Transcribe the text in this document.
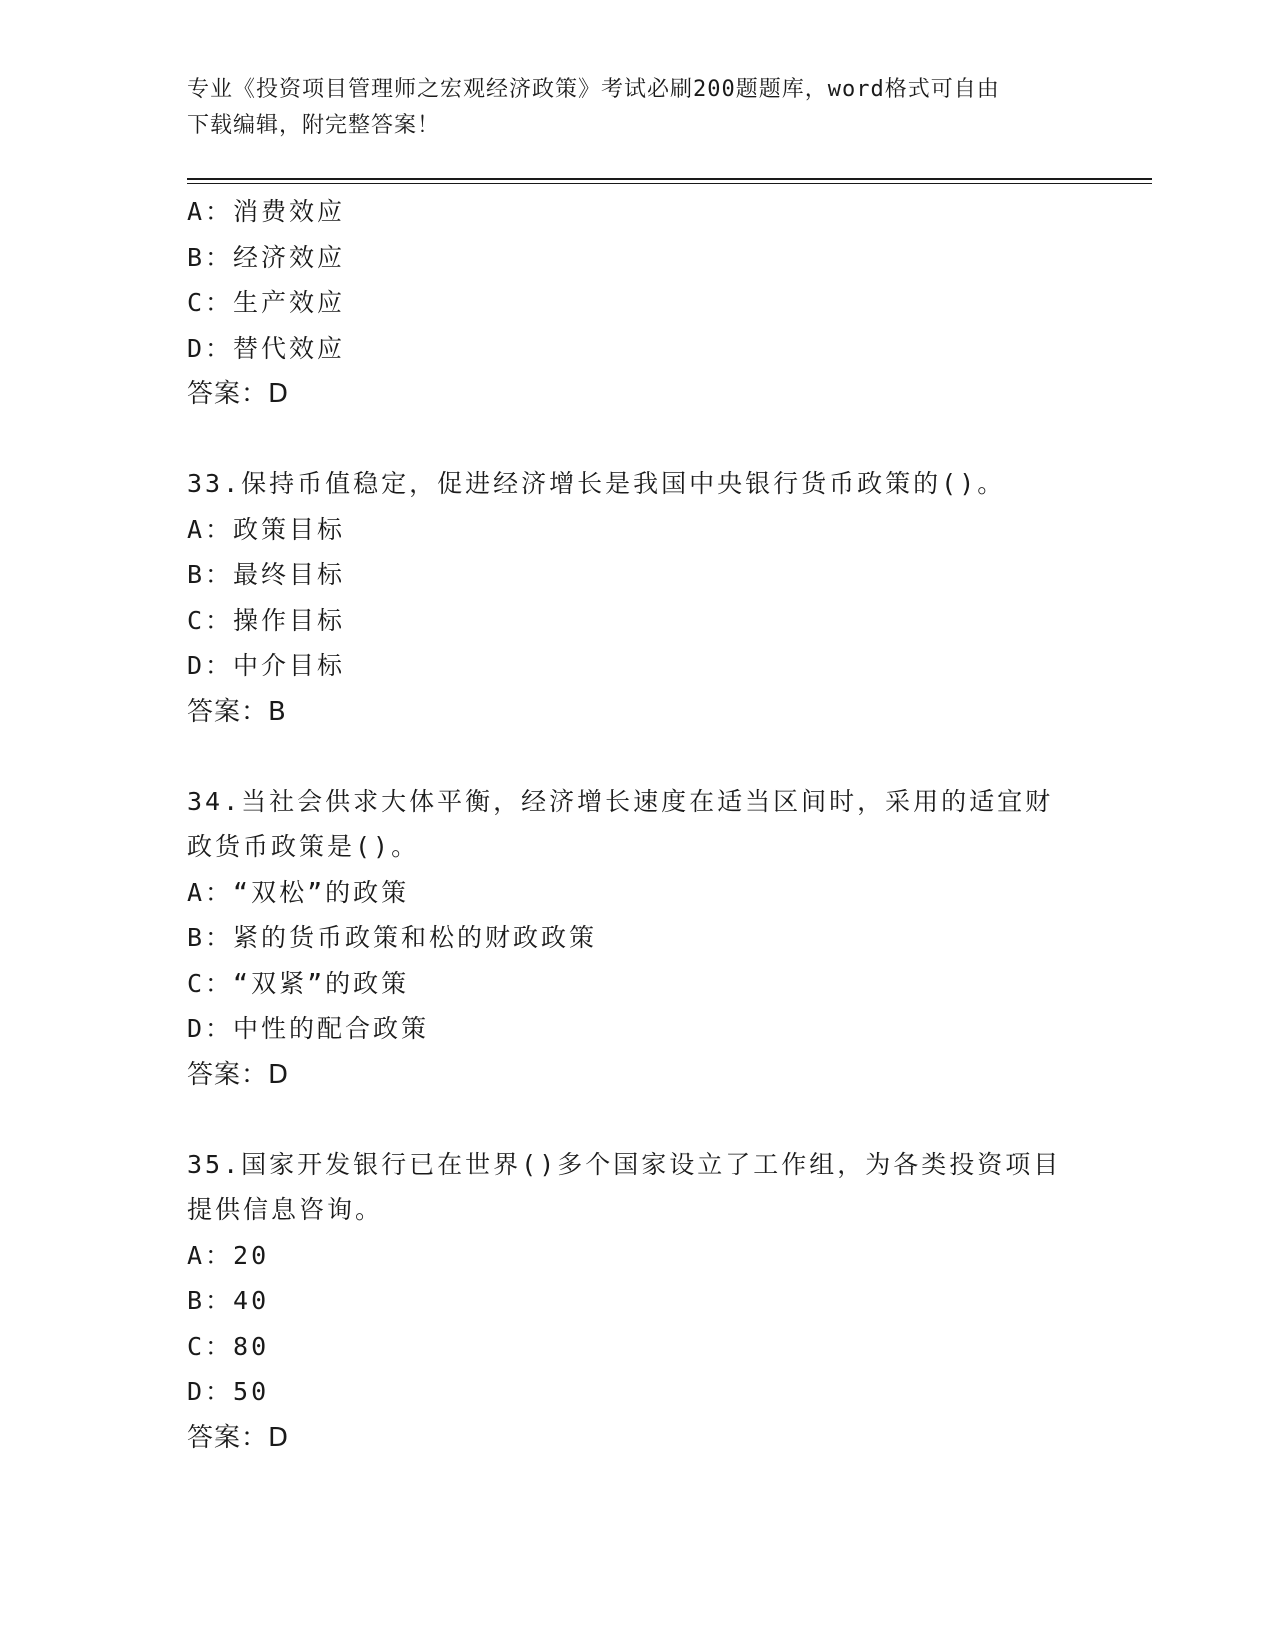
专业《投资项目管理师之宏观经济政策》考试必刷200题题库，word格式可自由
下载编辑，附完整答案！
A：消费效应
B：经济效应
C：生产效应
D：替代效应
答案：D
33.保持币值稳定，促进经济增长是我国中央银行货币政策的()。
A：政策目标
B：最终目标
C：操作目标
D：中介目标
答案：B
34.当社会供求大体平衡，经济增长速度在适当区间时，采用的适宜财
政货币政策是()。
A：“双松”的政策
B：紧的货币政策和松的财政政策
C：“双紧”的政策
D：中性的配合政策
答案：D
35.国家开发银行已在世界()多个国家设立了工作组，为各类投资项目
提供信息咨询。
A：20
B：40
C：80
D：50
答案：D
